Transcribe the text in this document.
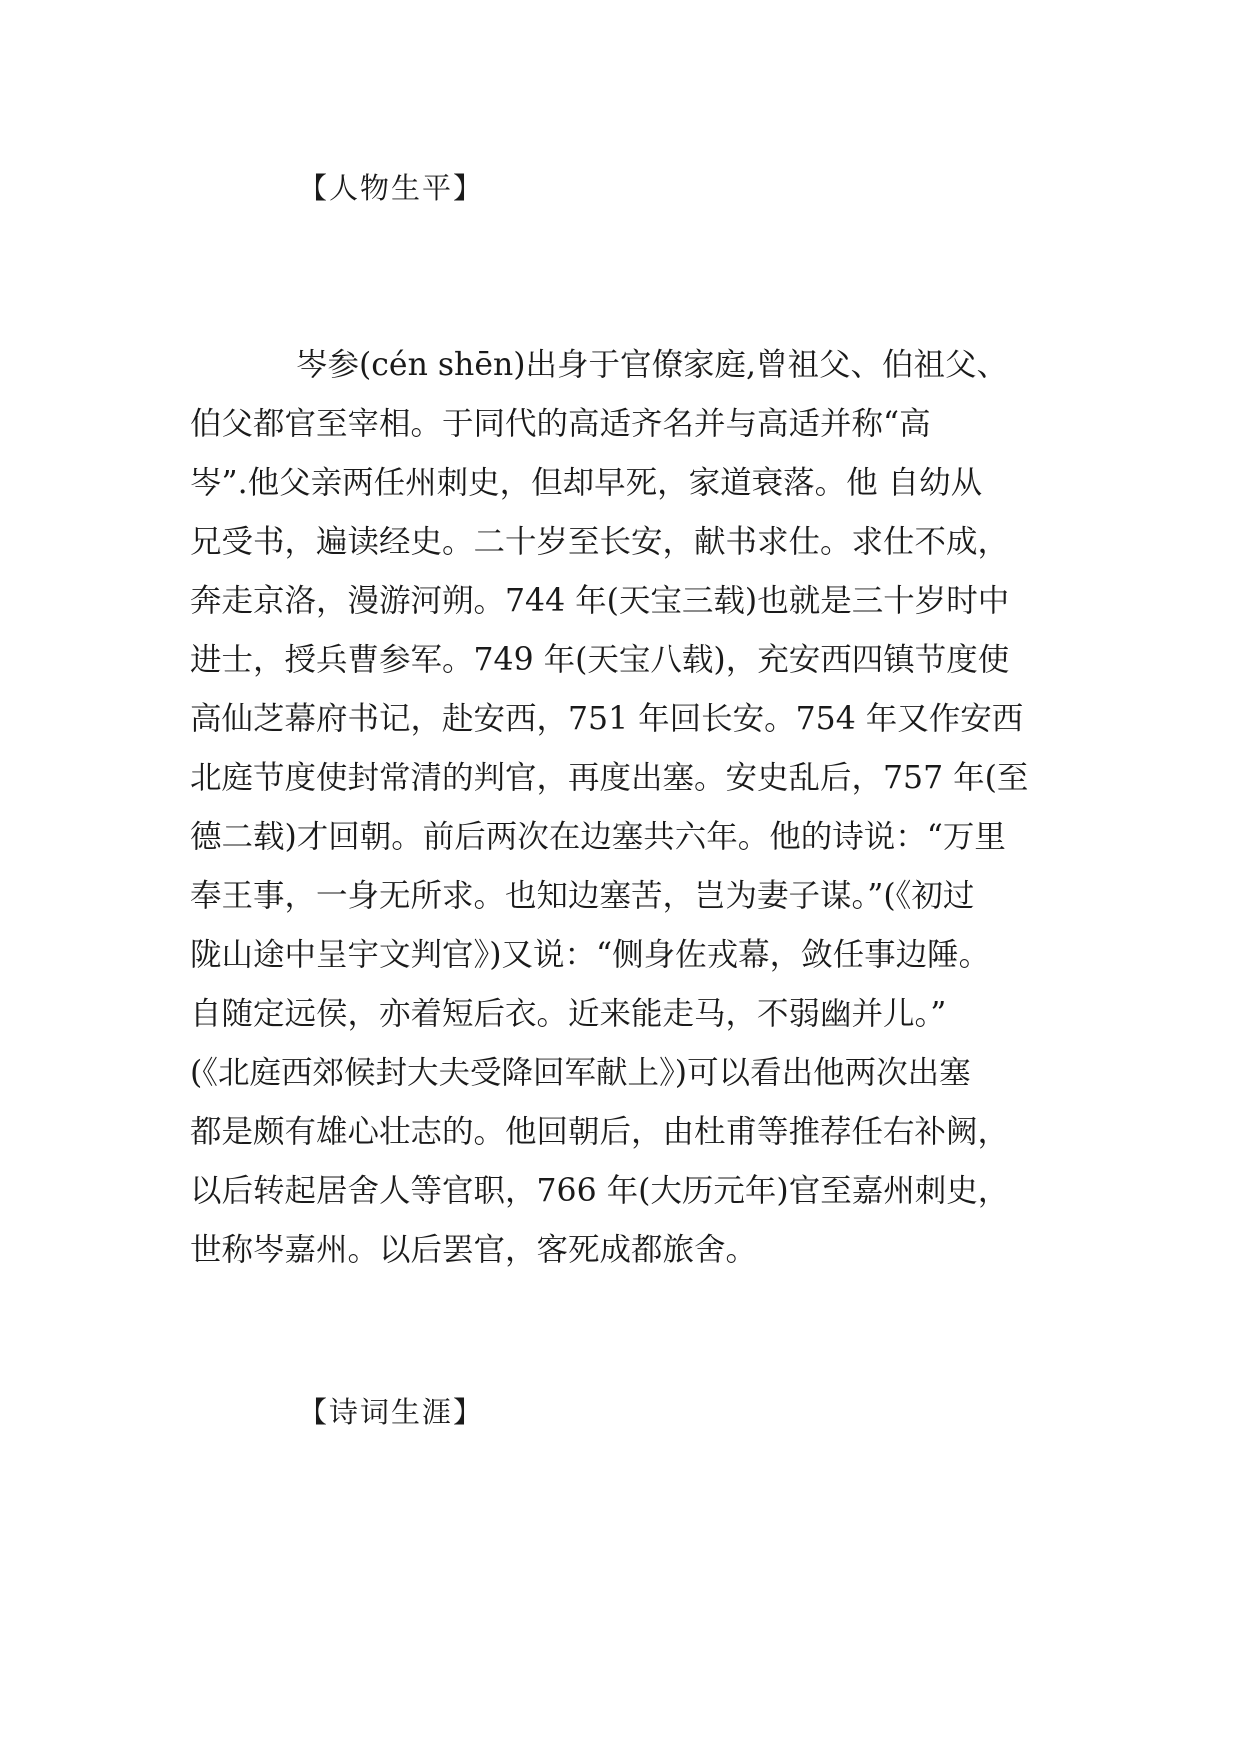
【人物生平】
岑参(cén shēn)出身于官僚家庭,曾祖父、伯祖父、
伯父都官至宰相。于同代的高适齐名并与高适并称“高
岑”.他父亲两任州刺史，但却早死，家道衰落。他 自幼从
兄受书，遍读经史。二十岁至长安，献书求仕。求仕不成，
奔走京洛，漫游河朔。744 年(天宝三载)也就是三十岁时中
进士，授兵曹参军。749 年(天宝八载)，充安西四镇节度使
高仙芝幕府书记，赴安西，751 年回长安。754 年又作安西
北庭节度使封常清的判官，再度出塞。安史乱后，757 年(至
德二载)才回朝。前后两次在边塞共六年。他的诗说：“万里
奉王事，一身无所求。也知边塞苦，岂为妻子谋。”(《初过
陇山途中呈宇文判官》)又说：“侧身佐戎幕，敛任事边陲。
自随定远侯，亦着短后衣。近来能走马，不弱幽并儿。”
(《北庭西郊候封大夫受降回军献上》)可以看出他两次出塞
都是颇有雄心壮志的。他回朝后，由杜甫等推荐任右补阙，
以后转起居舍人等官职，766 年(大历元年)官至嘉州刺史，
世称岑嘉州。以后罢官，客死成都旅舍。
【诗词生涯】
